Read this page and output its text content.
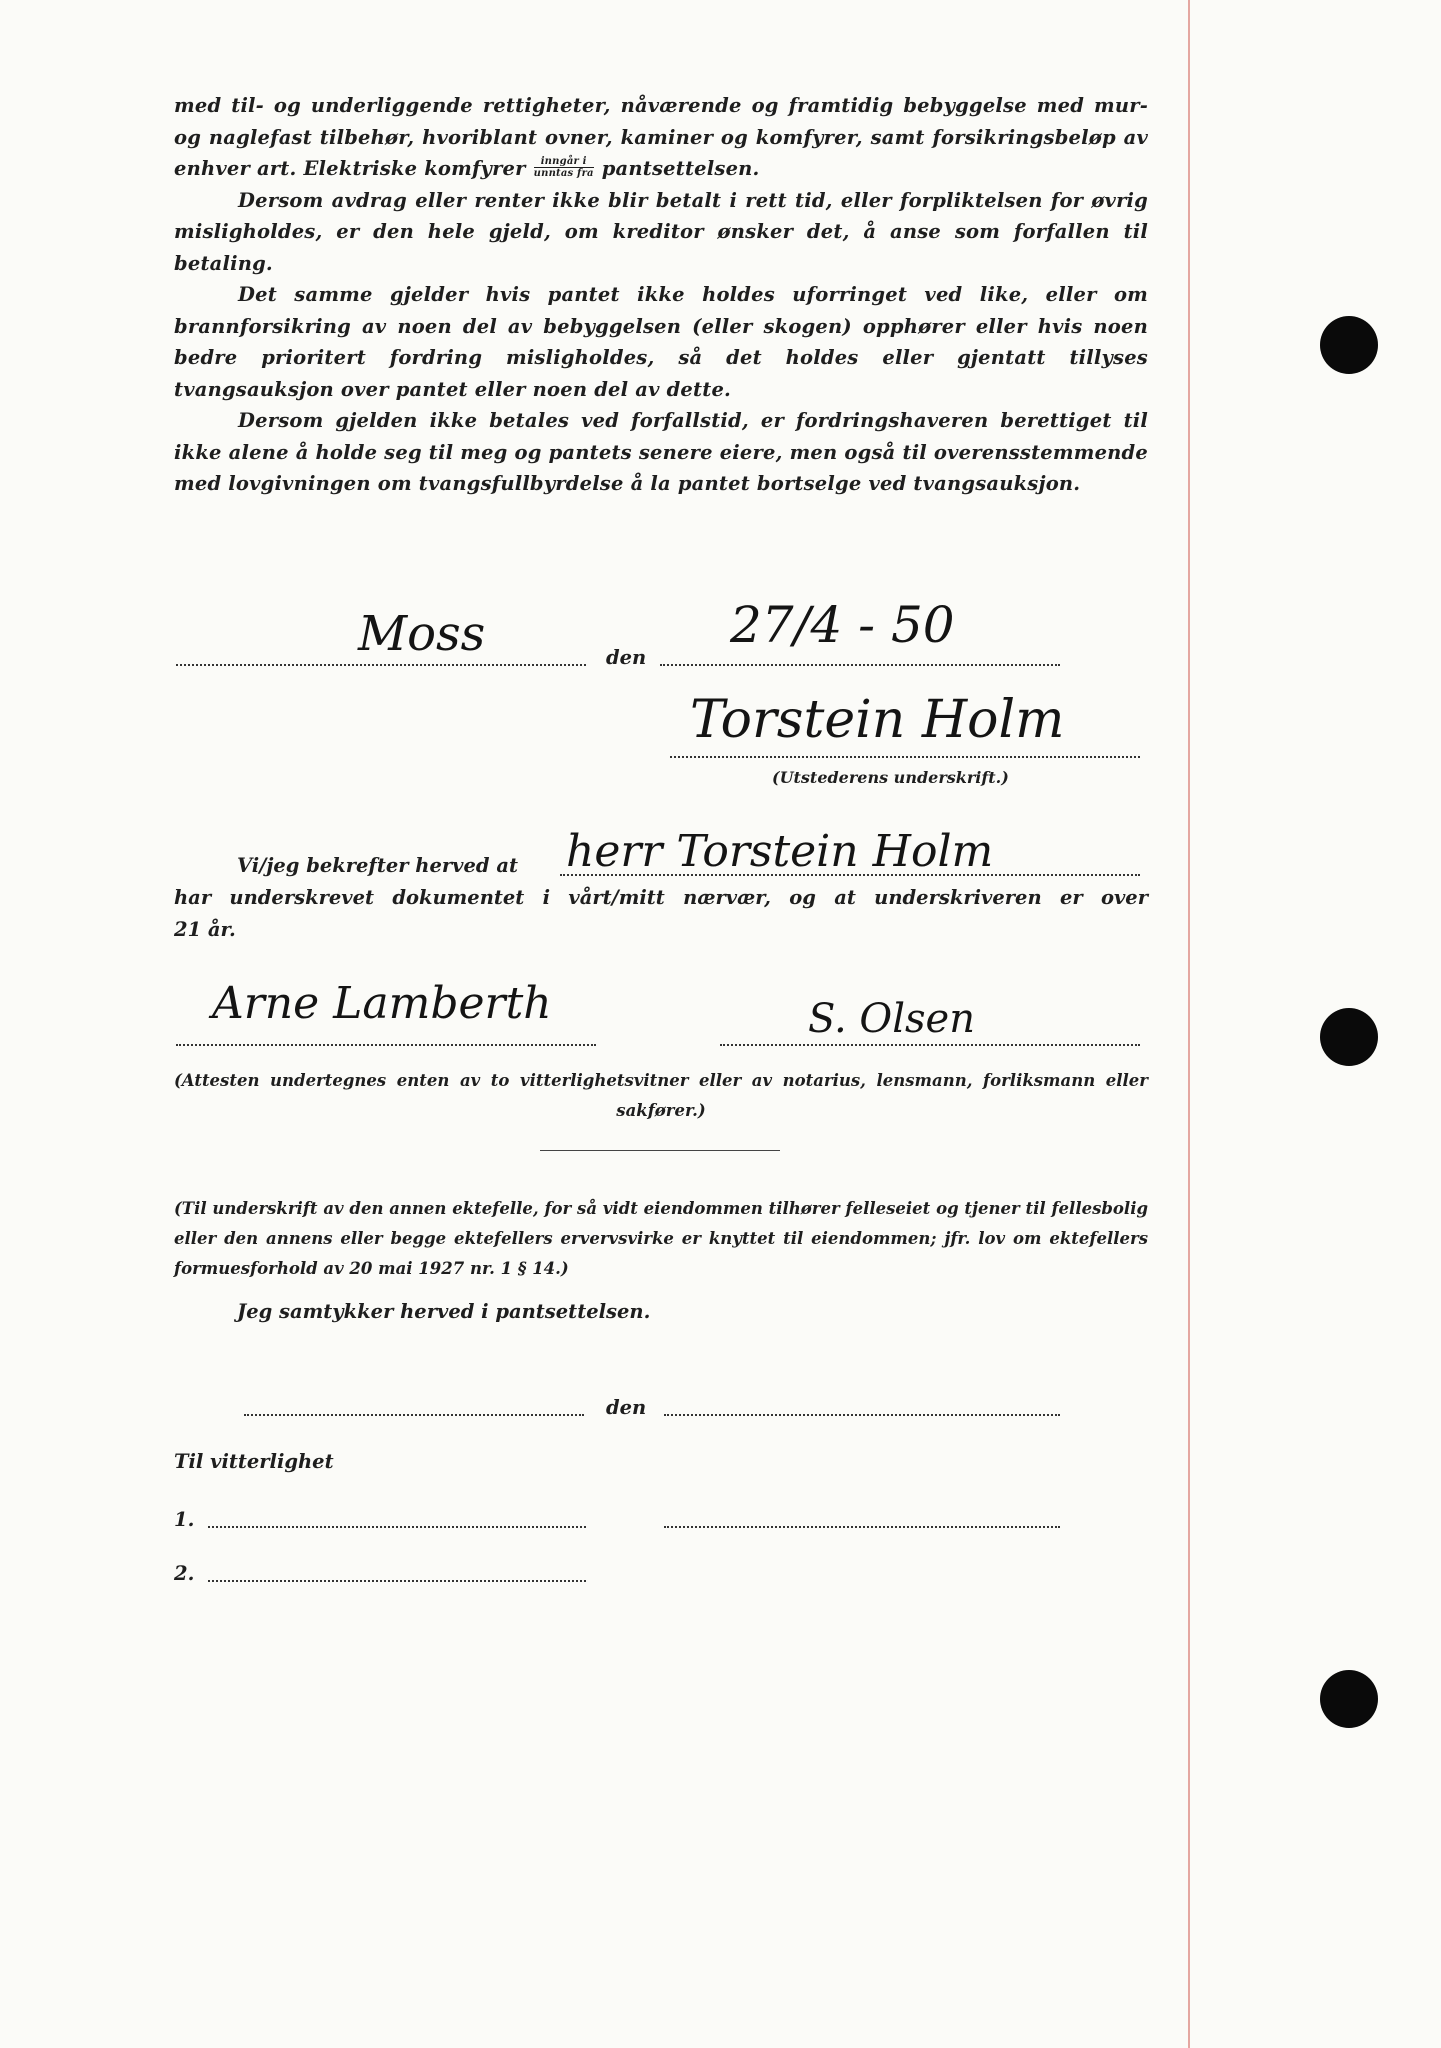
med til- og underliggende rettigheter, nåværende og framtidig bebyggelse med mur- og naglefast tilbehør, hvoriblant ovner, kaminer og komfyrer, samt forsikringsbeløp av enhver art. Elektriske komfyrer $\frac{\text{inngår i}}{\text{unntas fra}}$ pantsettelsen.

Dersom avdrag eller renter ikke blir betalt i rett tid, eller forpliktelsen for øvrig misligholdes, er den hele gjeld, om kreditor ønsker det, å anse som forfallen til betaling.

Det samme gjelder hvis pantet ikke holdes uforringet ved like, eller om brannforsikring av noen del av bebyggelsen (eller skogen) opphører eller hvis noen bedre prioritert fordring misligholdes, så det holdes eller gjentatt tillyses tvangsauksjon over pantet eller noen del av dette.

Dersom gjelden ikke betales ved forfallstid, er fordringshaveren berettiget til ikke alene å holde seg til meg og pantets senere eiere, men også til overensstemmende med lovgivningen om tvangsfullbyrdelse å la pantet bortselge ved tvangsauksjon.

Moss	den
27/4 - 50
Torstein Holm
(Utstederens underskrift.)
Vi/jeg bekrefter herved at herr Torstein Holm
har underskrevet dokumentet i vårt/mitt nærvær, og at underskriveren er over
21 år.
Arne Lamberth	S. Olsen
(Attesten undertegnes enten av to vitterlighetsvitner eller av notarius, lensmann, forliksmann eller sakfører.)
(Til underskrift av den annen ektefelle, for så vidt eiendommen tilhører felleseiet og tjener til fellesbolig eller den annens eller begge ektefellers ervervsvirke er knyttet til eiendommen; jfr. lov om ektefellers formuesforhold av 20 mai 1927 nr. 1 § 14.)
Jeg samtykker herved i pantsettelsen.
den
Til vitterlighet
1.
2.
